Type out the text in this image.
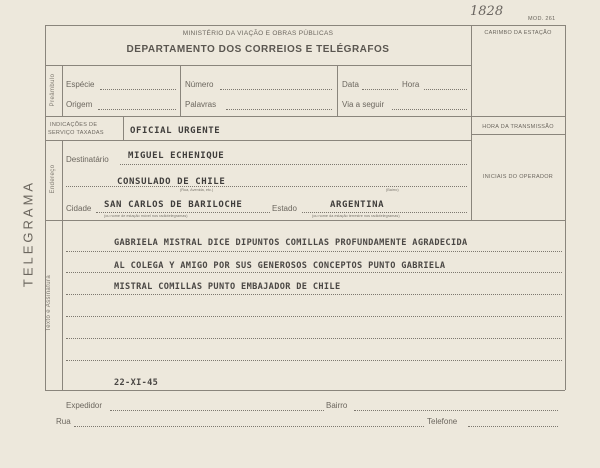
1828	MOD. 261
TELEGRAMA
MINISTÉRIO DA VIAÇÃO E OBRAS PÚBLICAS
DEPARTAMENTO DOS CORREIOS E TELÉGRAFOS
CARIMBO DA ESTAÇÃO
Preâmbulo Espécie	Número	Data	Hora
Origem	Palavras	Via a seguir
INDICAÇÕES DE
SERVIÇO TAXADAS	OFICIAL URGENTE	HORA DA TRANSMISSÃO
INICIAIS DO OPERADOR
Endereço
Destinatário MIGUEL ECHENIQUE
CONSULADO DE CHILE
(Rua, Avenida, etc.)	(Bairro)
Cidade SAN CARLOS DE BARILOCHE	Estado	ARGENTINA
(ou nome de estação móvel nos radiotelegramas)	(ou nome da estação terrestre nos radiotelegramas)
Texto e Assinatura
GABRIELA MISTRAL DICE DIPUNTOS COMILLAS PROFUNDAMENTE AGRADECIDA
AL COLEGA Y AMIGO POR SUS GENEROSOS CONCEPTOS PUNTO GABRIELA
MISTRAL COMILLAS PUNTO EMBAJADOR DE CHILE
22-XI-45
Expedidor	Bairro
Rua	Telefone
